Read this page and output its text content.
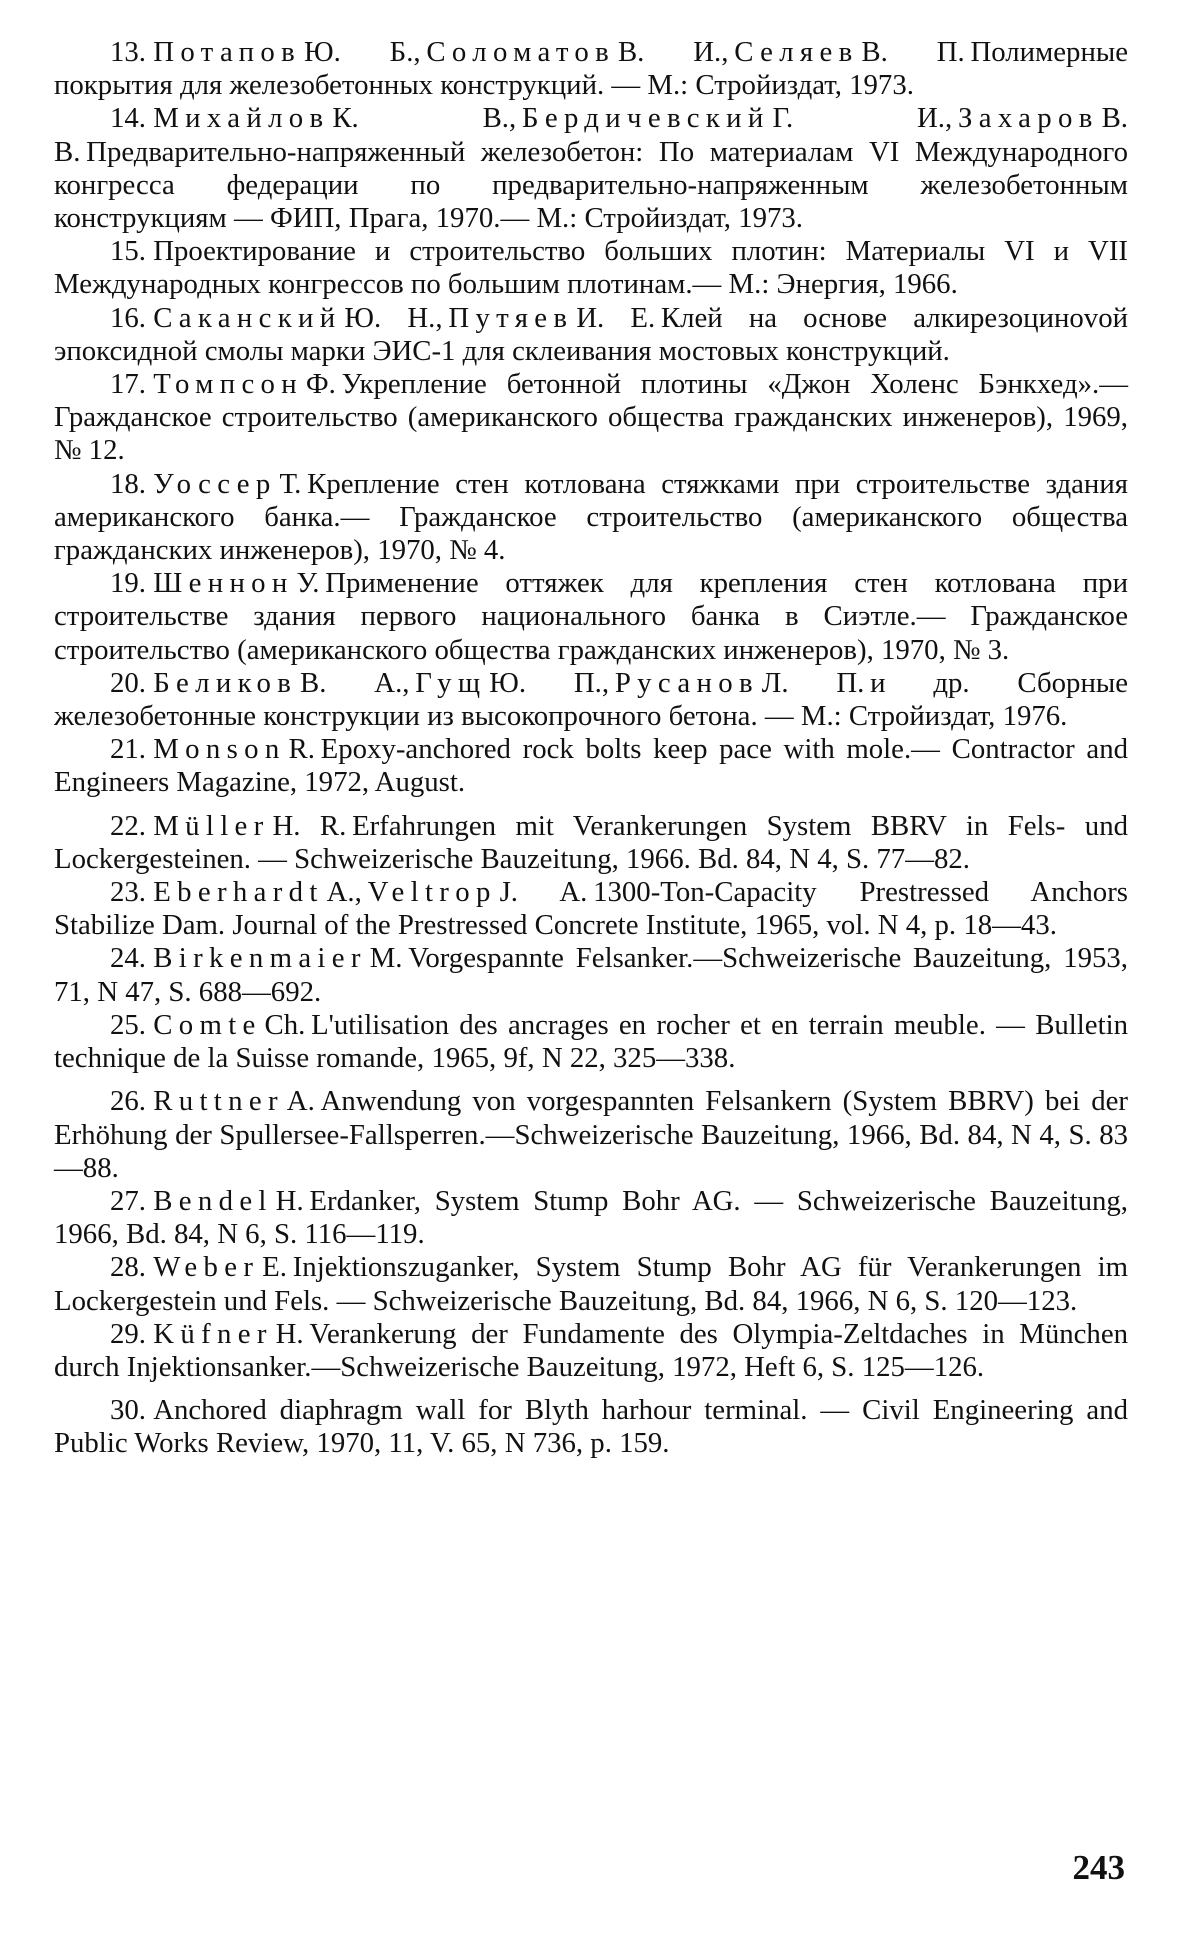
13. ПотаповЮ. Б., СоломатовВ. И., СеляевВ. П. Полимерные покрытия для железобетонных конструкций. — М.: Стройиздат, 1973.

14. МихайловК. В., БердичевскийГ. И., ЗахаровВ. В. Предварительно-напряженный железобетон: По материалам VI Международного конгресса федерации по предварительно-напряженным железобетонным конструкциям — ФИП, Прага, 1970.— М.: Стройиздат, 1973.

15. Проектирование и строительство больших плотин: Материалы VI и VII Международных конгрессов по большим плотинам.— М.: Энергия, 1966.

16. СаканскийЮ. Н., ПутяевИ. Е. Клей на основе алкирезоцинovой эпоксидной смолы марки ЭИС-1 для склеивания мостовых конструкций.

17. ТомпсонФ. Укрепление бетонной плотины «Джон Холенс Бэнкхед».— Гражданское строительство (американского общества гражданских инженеров), 1969, № 12.

18. УоссерТ. Крепление стен котлована стяжками при строительстве здания американского банка.— Гражданское строительство (американского общества гражданских инженеров), 1970, № 4.

19. ШеннонУ. Применение оттяжек для крепления стен котлована при строительстве здания первого национального банка в Сиэтле.— Гражданское строительство (американского общества гражданских инженеров), 1970, № 3.

20. БеликовВ. А., ГущЮ. П., РусановЛ. П. и др. Сборные железобетонные конструкции из высокопрочного бетона. — М.: Стройиздат, 1976.

21. MonsonR. Epoxy-anchored rock bolts keep pace with mole.— Contractor and Engineers Magazine, 1972, August.

22. MüllerH. R. Erfahrungen mit Verankerungen System BBRV in Fels- und Lockergesteinen. — Schweizerische Bauzeitung, 1966. Bd. 84, N 4, S. 77—82.

23. EberhardtA., VeltropJ. A. 1300-Ton-Capacity Prestressed Anchors Stabilize Dam. Journal of the Prestressed Concrete Institute, 1965, vol. N 4, p. 18—43.

24. BirkenmaierM. Vorgespannte Felsanker.—Schweizerische Bauzeitung, 1953, 71, N 47, S. 688—692.

25. ComteCh. L'utilisation des ancrages en rocher et en terrain meuble. — Bulletin technique de la Suisse romande, 1965, 9f, N 22, 325—338.

26. RuttnerA. Anwendung von vorgespannten Felsankern (System BBRV) bei der Erhöhung der Spullersee-Fallsperren.—Schweizerische Bauzeitung, 1966, Bd. 84, N 4, S. 83—88.

27. BendelH. Erdanker, System Stump Bohr AG. — Schweizerische Bauzeitung, 1966, Bd. 84, N 6, S. 116—119.

28. WeberE. Injektionszuganker, System Stump Bohr AG für Verankerungen im Lockergestein und Fels. — Schweizerische Bauzeitung, Bd. 84, 1966, N 6, S. 120—123.

29. KüfnerH. Verankerung der Fundamente des Olympia-Zeltdaches in München durch Injektionsanker.—Schweizerische Bauzeitung, 1972, Heft 6, S. 125—126.

30. Anchored diaphragm wall for Blyth harhour terminal. — Civil Engineering and Public Works Review, 1970, 11, V. 65, N 736, p. 159.

243
